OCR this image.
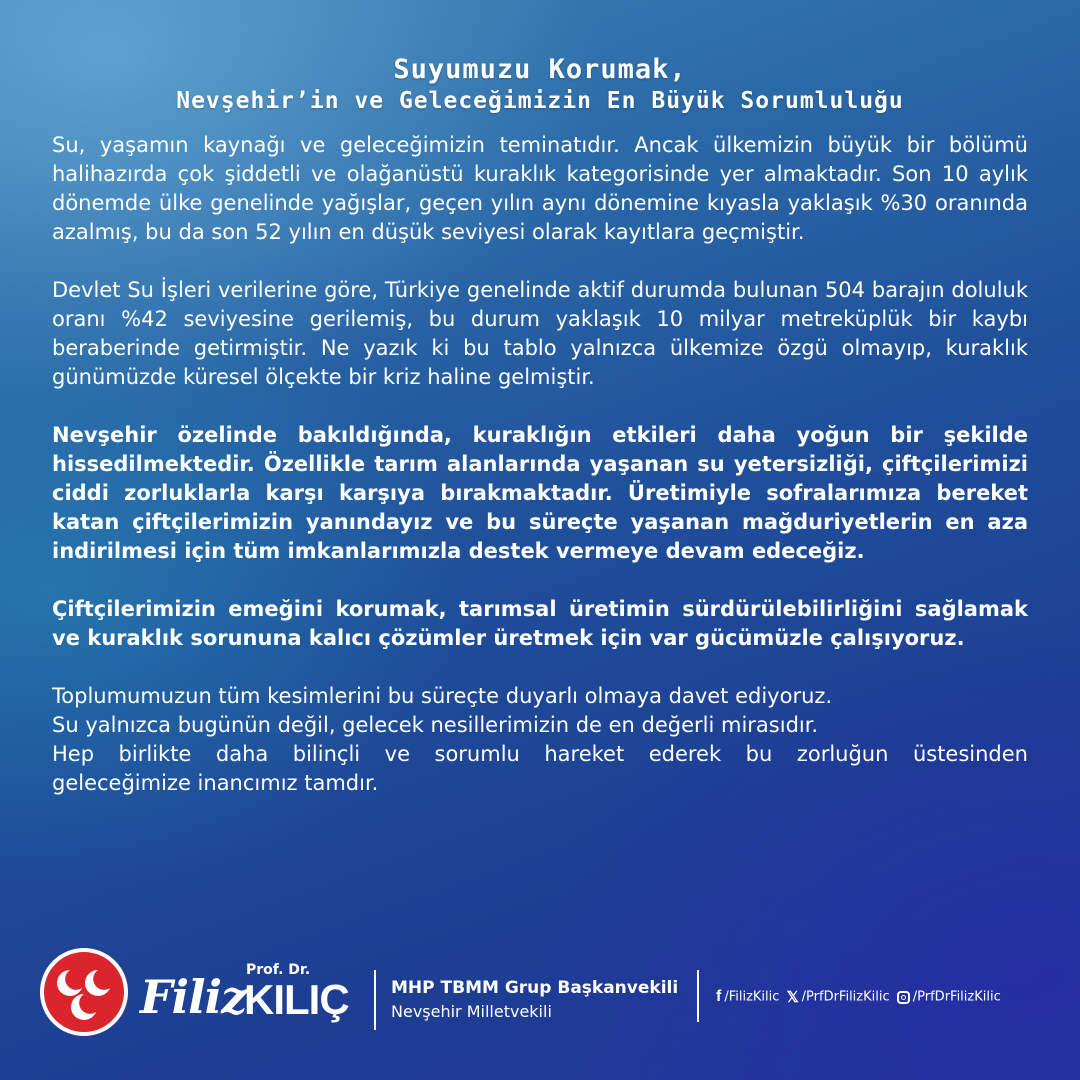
Suyumuzu Korumak,
Nevşehir’in ve Geleceğimizin En Büyük Sorumluluğu

Su, yaşamın kaynağı ve geleceğimizin teminatıdır. Ancak ülkemizin büyük bir bölümü halihazırda çok şiddetli ve olağanüstü kuraklık kategorisinde yer almaktadır. Son 10 aylık dönemde ülke genelinde yağışlar, geçen yılın aynı dönemine kıyasla yaklaşık %30 oranında azalmış, bu da son 52 yılın en düşük seviyesi olarak kayıtlara geçmiştir.

Devlet Su İşleri verilerine göre, Türkiye genelinde aktif durumda bulunan 504 barajın doluluk oranı %42 seviyesine gerilemiş, bu durum yaklaşık 10 milyar metreküplük bir kaybı beraberinde getirmiştir. Ne yazık ki bu tablo yalnızca ülkemize özgü olmayıp, kuraklık günümüzde küresel ölçekte bir kriz haline gelmiştir.

Nevşehir özelinde bakıldığında, kuraklığın etkileri daha yoğun bir şekilde hissedilmektedir. Özellikle tarım alanlarında yaşanan su yetersizliği, çiftçilerimizi ciddi zorluklarla karşı karşıya bırakmaktadır. Üretimiyle sofralarımıza bereket katan çiftçilerimizin yanındayız ve bu süreçte yaşanan mağduriyetlerin en aza indirilmesi için tüm imkanlarımızla destek vermeye devam edeceğiz.

Çiftçilerimizin emeğini korumak, tarımsal üretimin sürdürülebilirliğini sağlamak ve kuraklık sorununa kalıcı çözümler üretmek için var gücümüzle çalışıyoruz.

Toplumumuzun tüm kesimlerini bu süreçte duyarlı olmaya davet ediyoruz.
Su yalnızca bugünün değil, gelecek nesillerimizin de en değerli mirasıdır.
Hep birlikte daha bilinçli ve sorumlu hareket ederek bu zorluğun üstesinden
geleceğimize inancımız tamdır.

Filiz Prof. Dr.
KILIÇ MHP TBMM Grup Başkanvekili
Nevşehir Milletvekili
f /FilizKilic 𝕏 /PrfDrFilizKilic /PrfDrFilizKilic
